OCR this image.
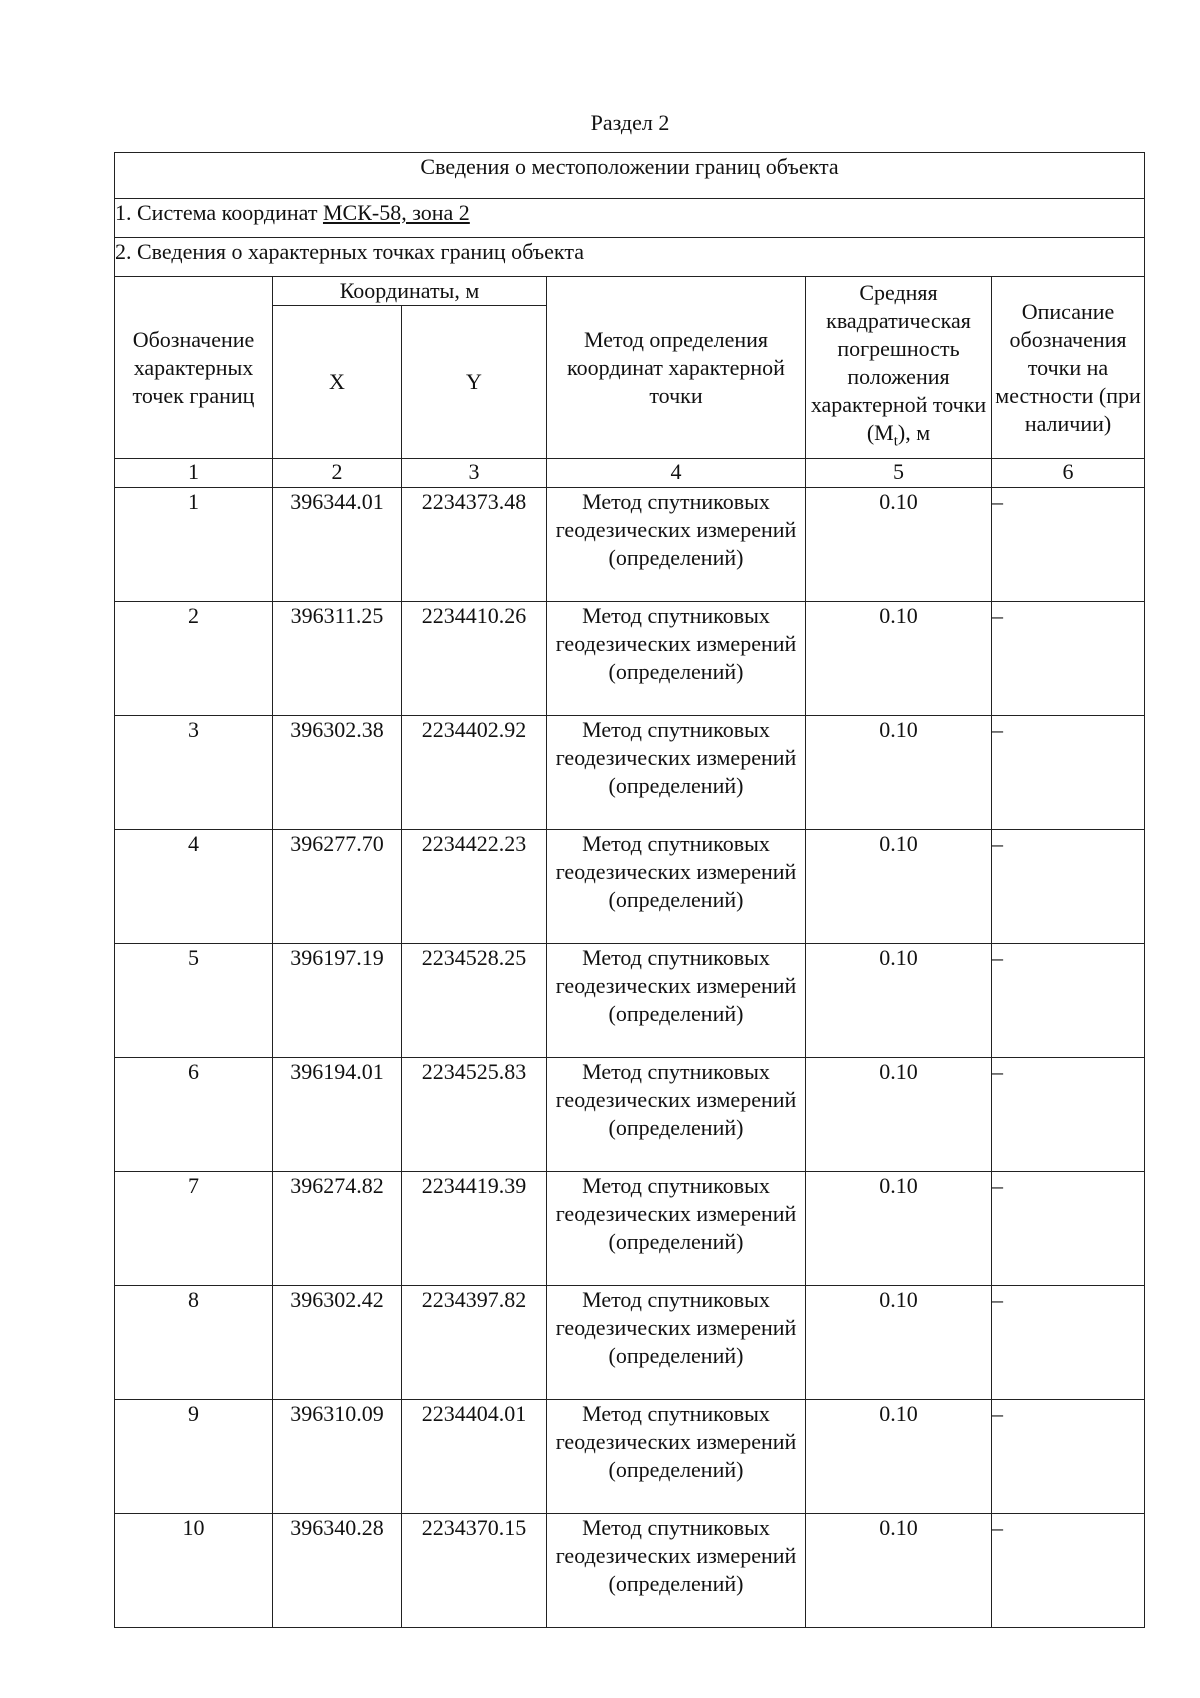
Раздел 2
Сведения о местоположении границ объекта					
1. Система координат МСК-58, зона 2					
2. Сведения о характерных точках границ объекта					
Обозначение характерных точек границ	Координаты, м		Метод определения координат характерной точки	Средняя квадратическая погрешность положения характерной точки $(M_t)$, м	Описание обозначения точки на местности (при наличии)
	X	Y			
1	2	3	4	5	6
1	396344.01	2234373.48	Метод спутниковых геодезических измерений (определений)	0.10	–
2	396311.25	2234410.26	Метод спутниковых геодезических измерений (определений)	0.10	–
3	396302.38	2234402.92	Метод спутниковых геодезических измерений (определений)	0.10	–
4	396277.70	2234422.23	Метод спутниковых геодезических измерений (определений)	0.10	–
5	396197.19	2234528.25	Метод спутниковых геодезических измерений (определений)	0.10	–
6	396194.01	2234525.83	Метод спутниковых геодезических измерений (определений)	0.10	–
7	396274.82	2234419.39	Метод спутниковых геодезических измерений (определений)	0.10	–
8	396302.42	2234397.82	Метод спутниковых геодезических измерений (определений)	0.10	–
9	396310.09	2234404.01	Метод спутниковых геодезических измерений (определений)	0.10	–
10	396340.28	2234370.15	Метод спутниковых геодезических измерений (определений)	0.10	–
